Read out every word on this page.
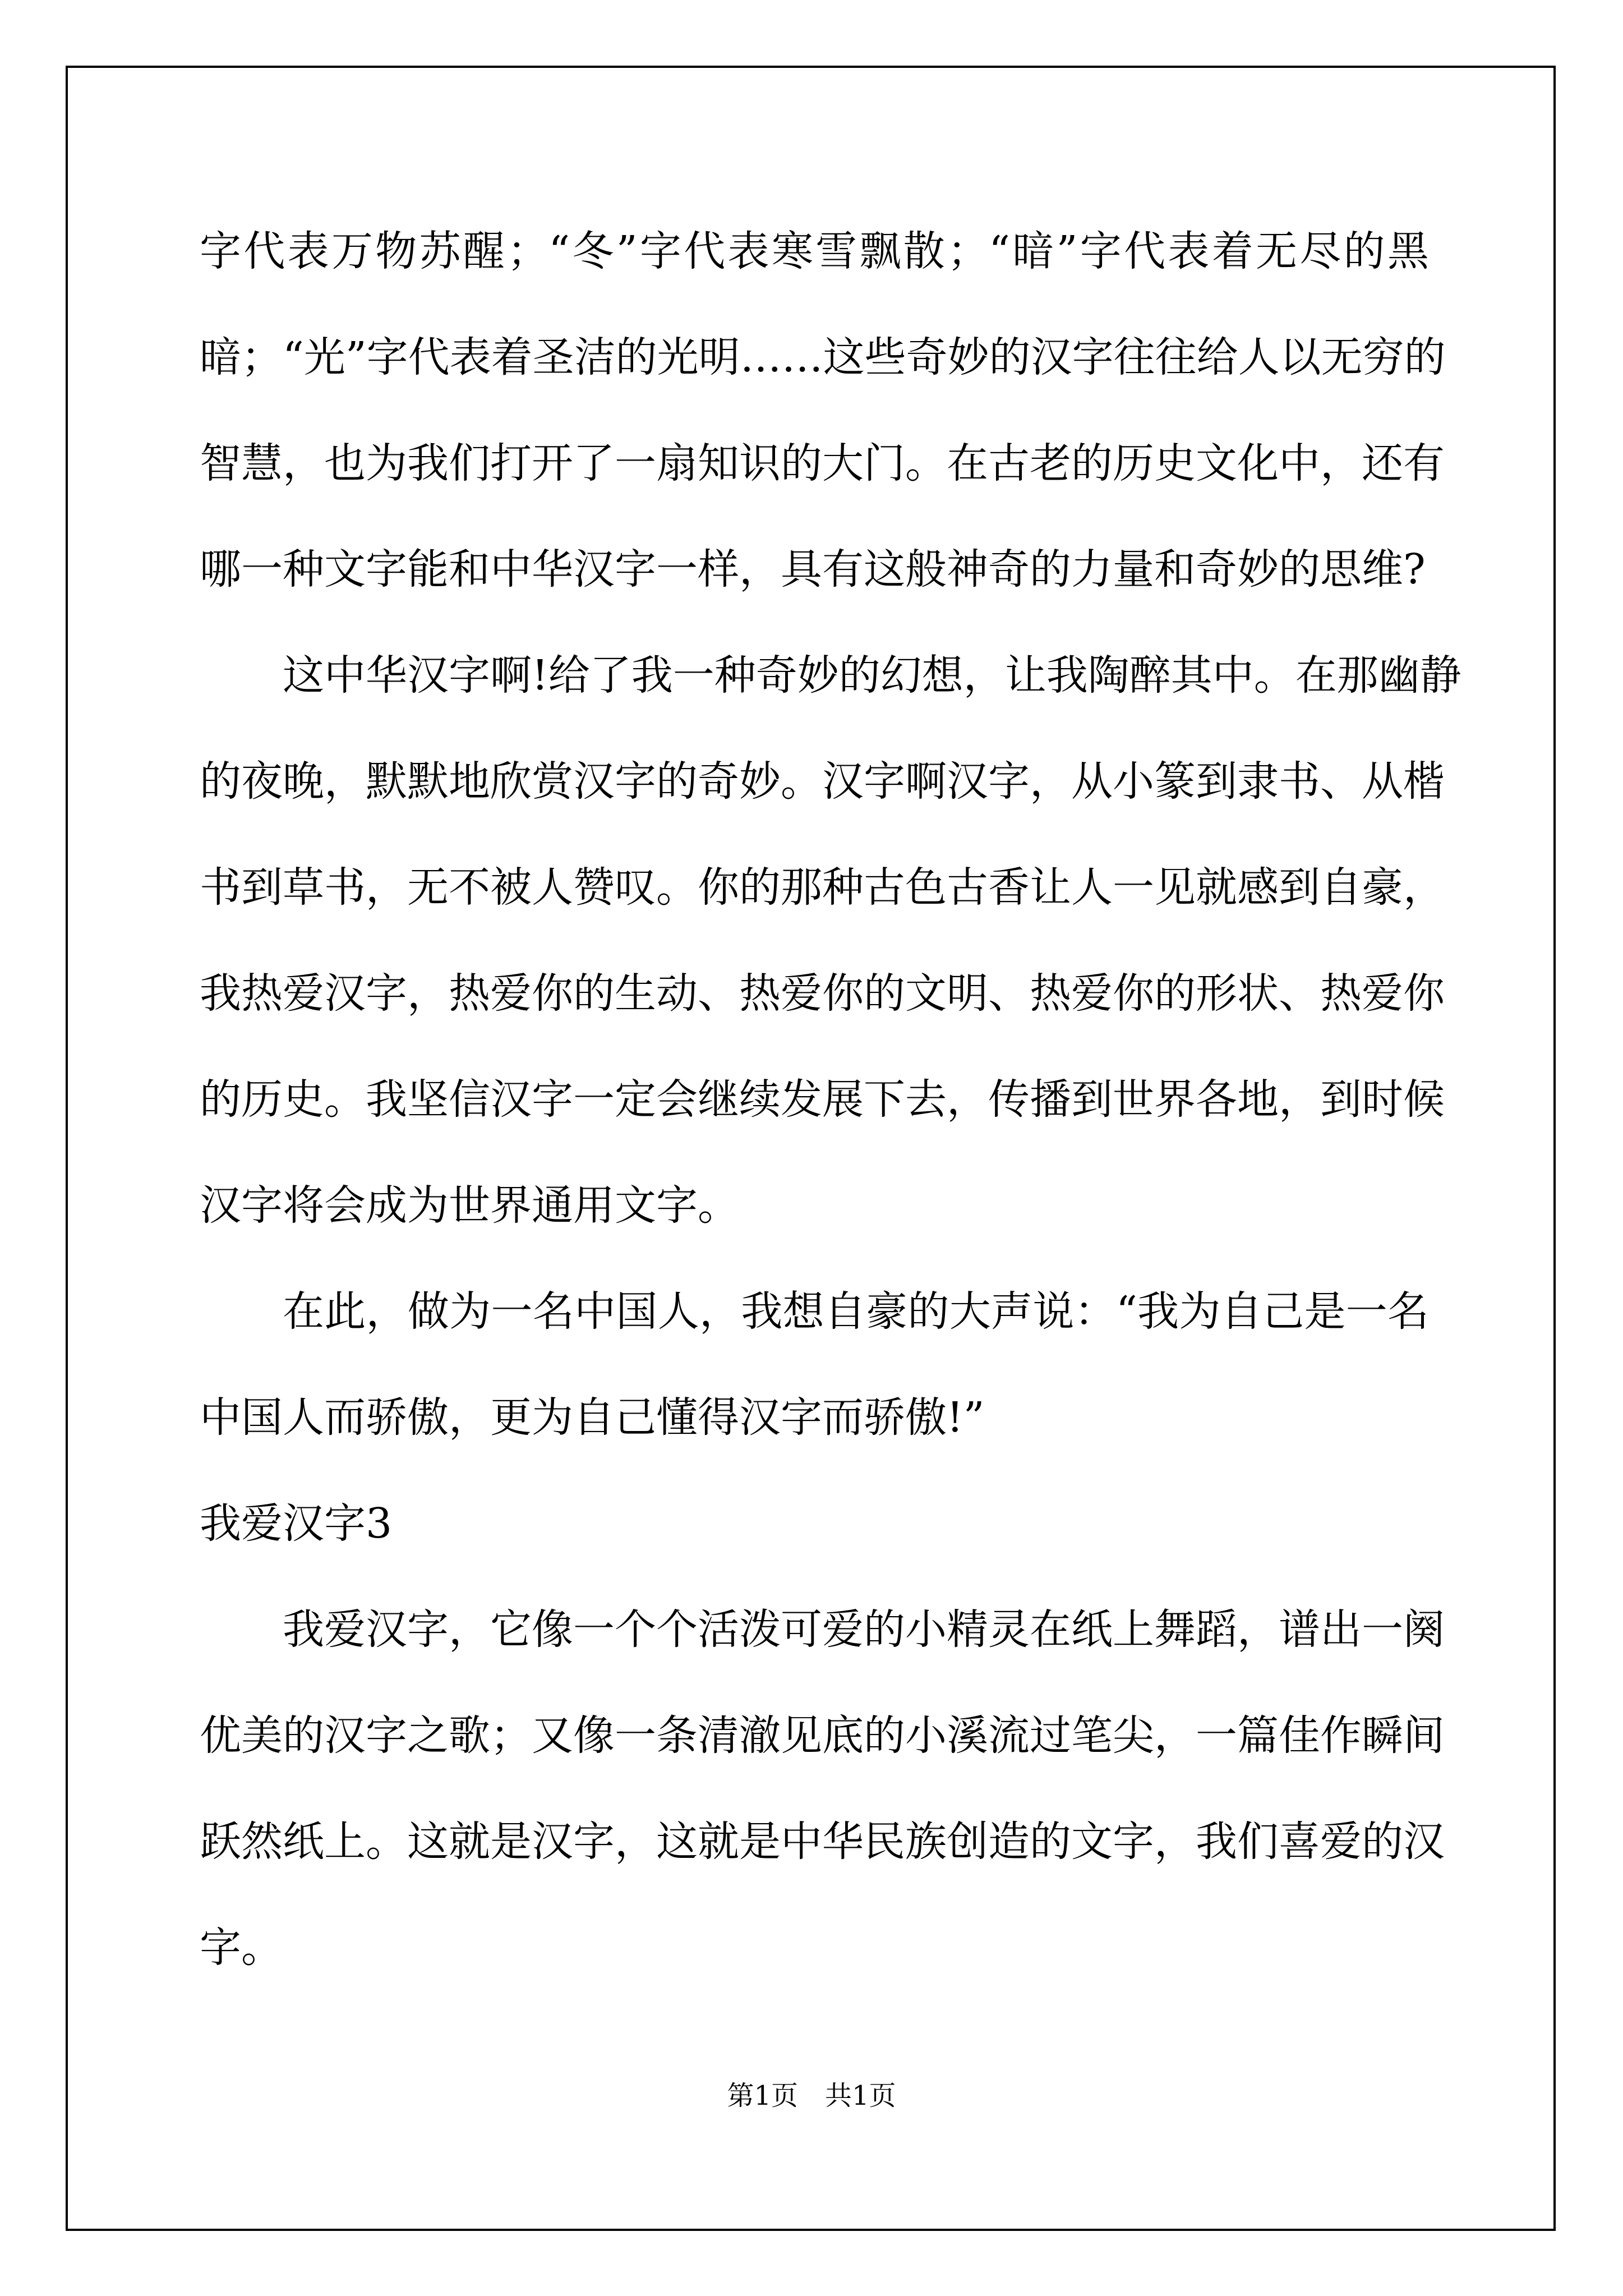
字代表万物苏醒；“冬”字代表寒雪飘散；“暗”字代表着无尽的黑
暗；“光”字代表着圣洁的光明……这些奇妙的汉字往往给人以无穷的
智慧，也为我们打开了一扇知识的大门。在古老的历史文化中，还有
哪一种文字能和中华汉字一样，具有这般神奇的力量和奇妙的思维?
这中华汉字啊!给了我一种奇妙的幻想，让我陶醉其中。在那幽静
的夜晚，默默地欣赏汉字的奇妙。汉字啊汉字，从小篆到隶书、从楷
书到草书，无不被人赞叹。你的那种古色古香让人一见就感到自豪，
我热爱汉字，热爱你的生动、热爱你的文明、热爱你的形状、热爱你
的历史。我坚信汉字一定会继续发展下去，传播到世界各地，到时候
汉字将会成为世界通用文字。
在此，做为一名中国人，我想自豪的大声说：“我为自己是一名
中国人而骄傲，更为自己懂得汉字而骄傲!”
我爱汉字3
我爱汉字，它像一个个活泼可爱的小精灵在纸上舞蹈，谱出一阕
优美的汉字之歌；又像一条清澈见底的小溪流过笔尖，一篇佳作瞬间
跃然纸上。这就是汉字，这就是中华民族创造的文字，我们喜爱的汉
字。
第1页　共1页
